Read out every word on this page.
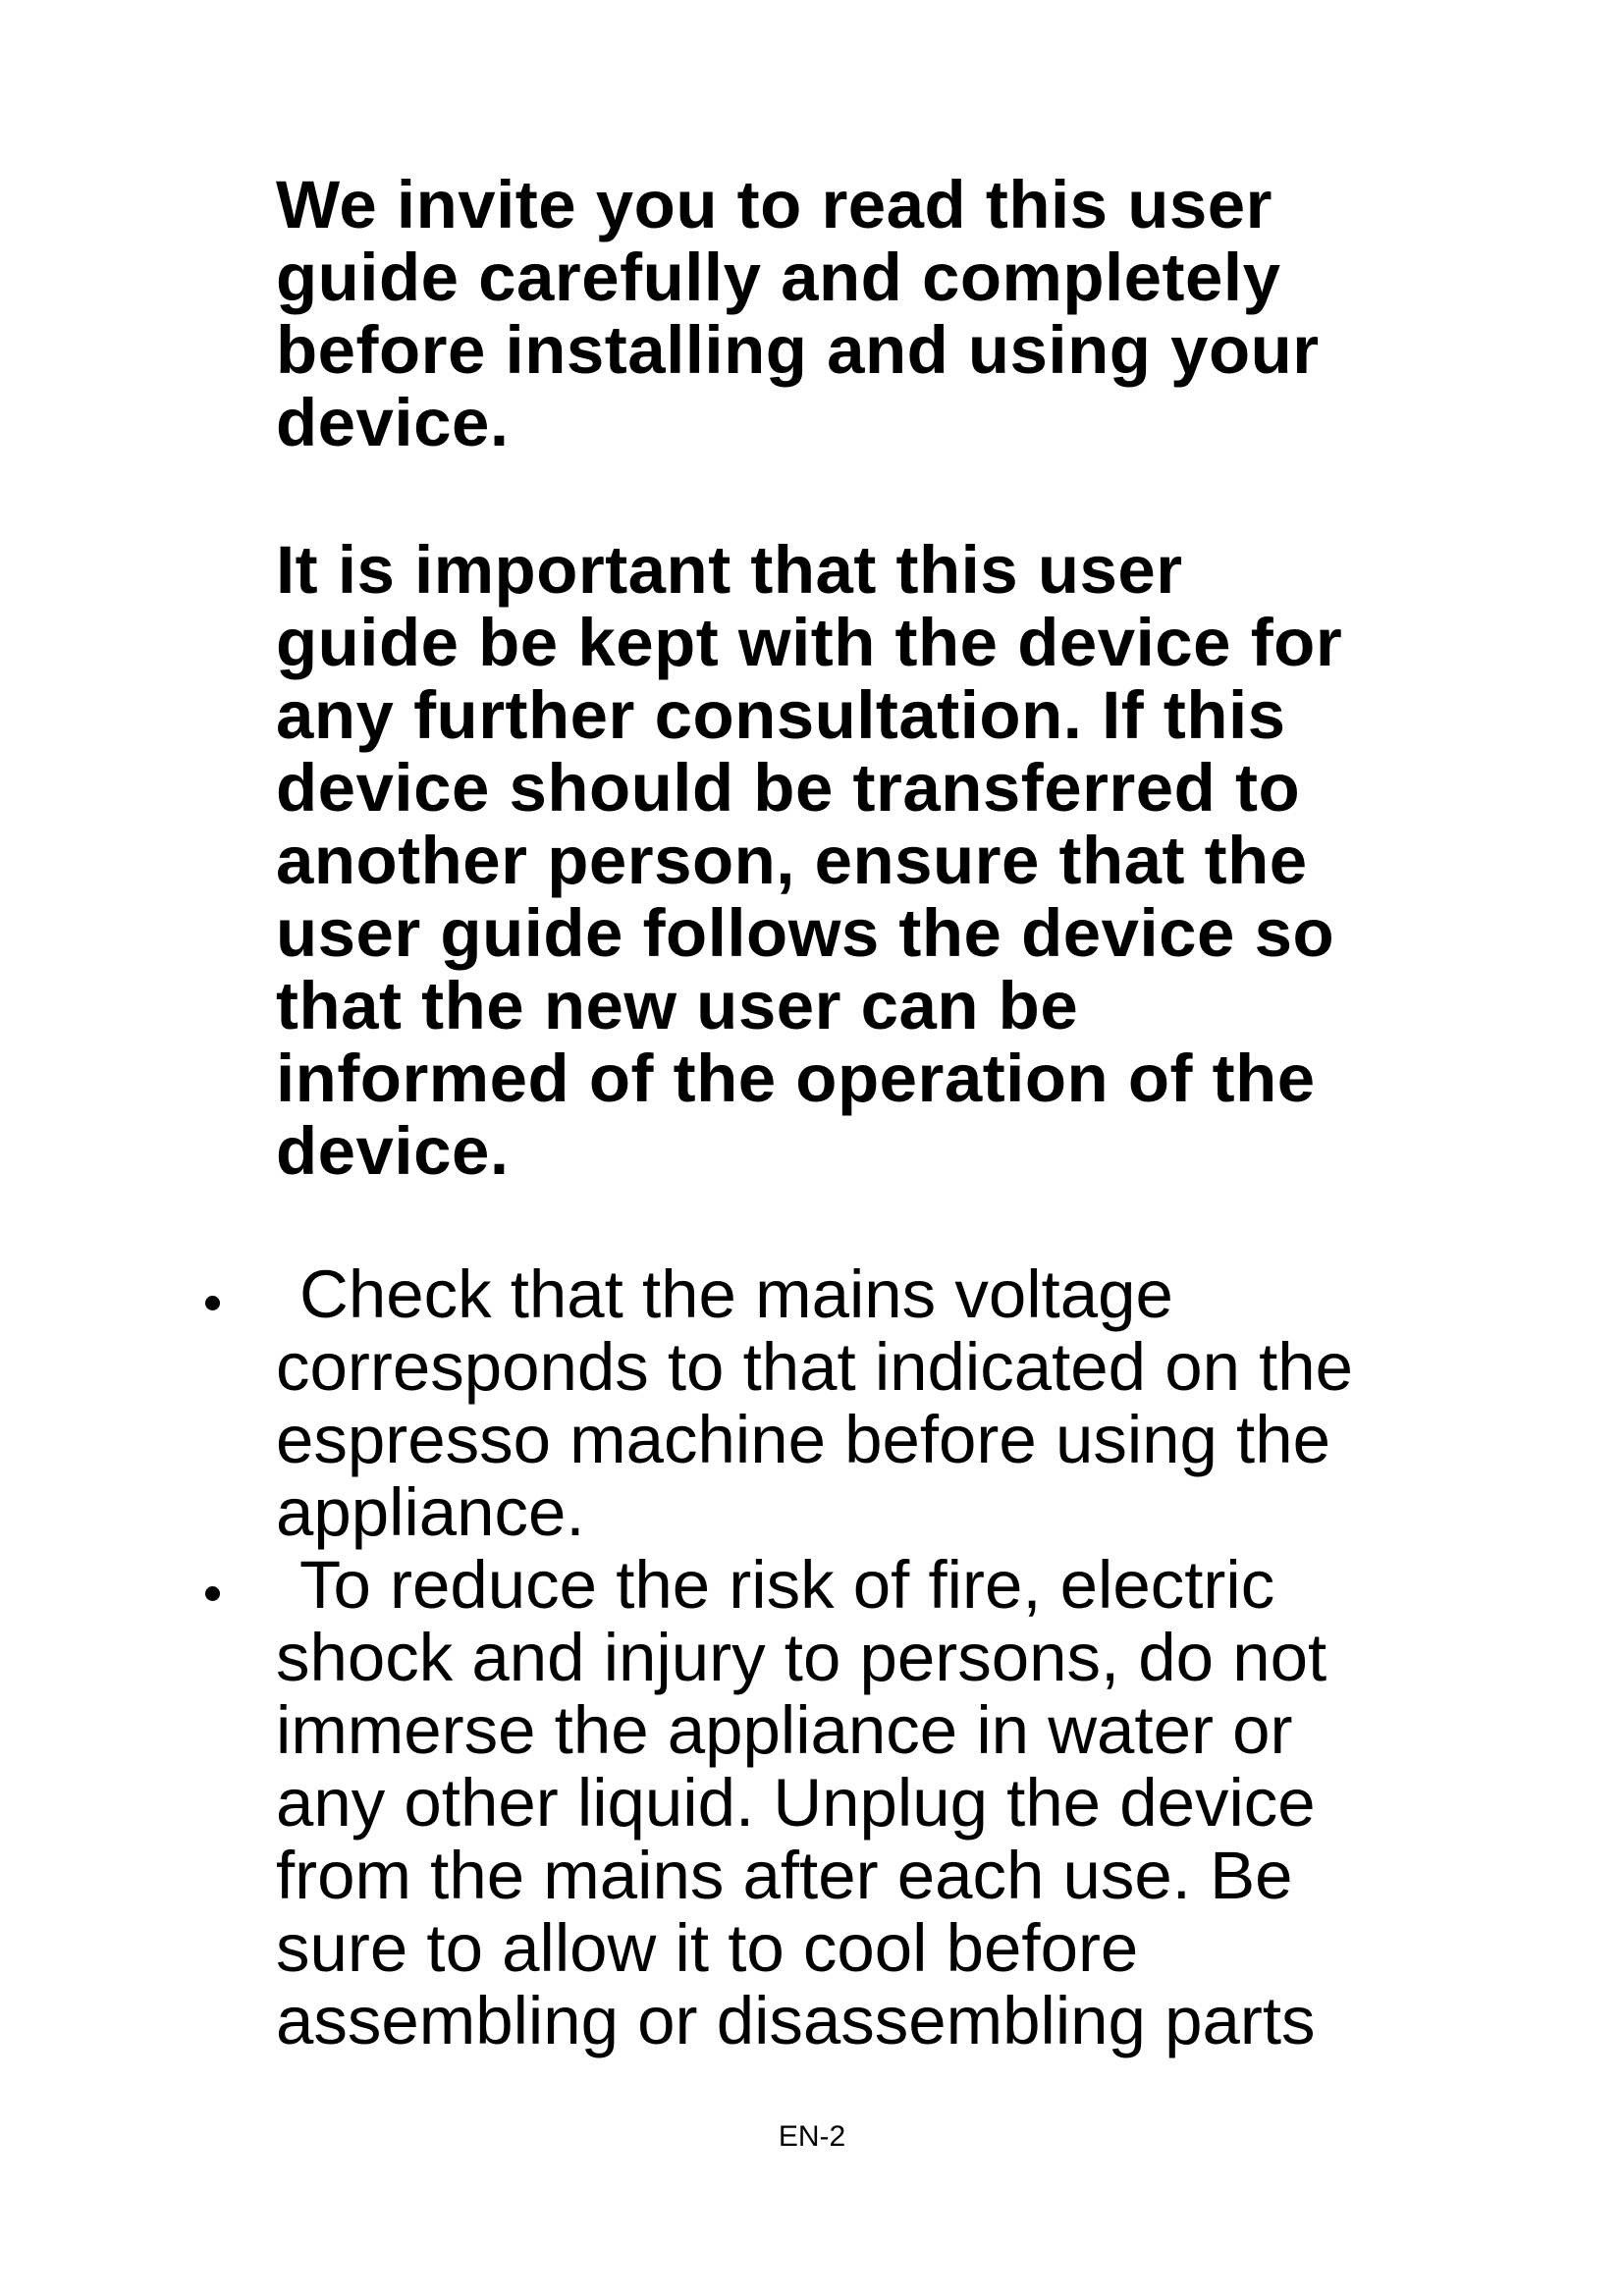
We invite you to read this user
guide carefully and completely
before installing and using your
device.

It is important that this user
guide be kept with the device for
any further consultation. If this
device should be transferred to
another person, ensure that the
user guide follows the device so
that the new user can be
informed of the operation of the
device.

Check that the mains voltage
corresponds to that indicated on the
espresso machine before using the
appliance.
To reduce the risk of fire, electric
shock and injury to persons, do not
immerse the appliance in water or
any other liquid. Unplug the device
from the mains after each use. Be
sure to allow it to cool before
assembling or disassembling parts
EN-2
